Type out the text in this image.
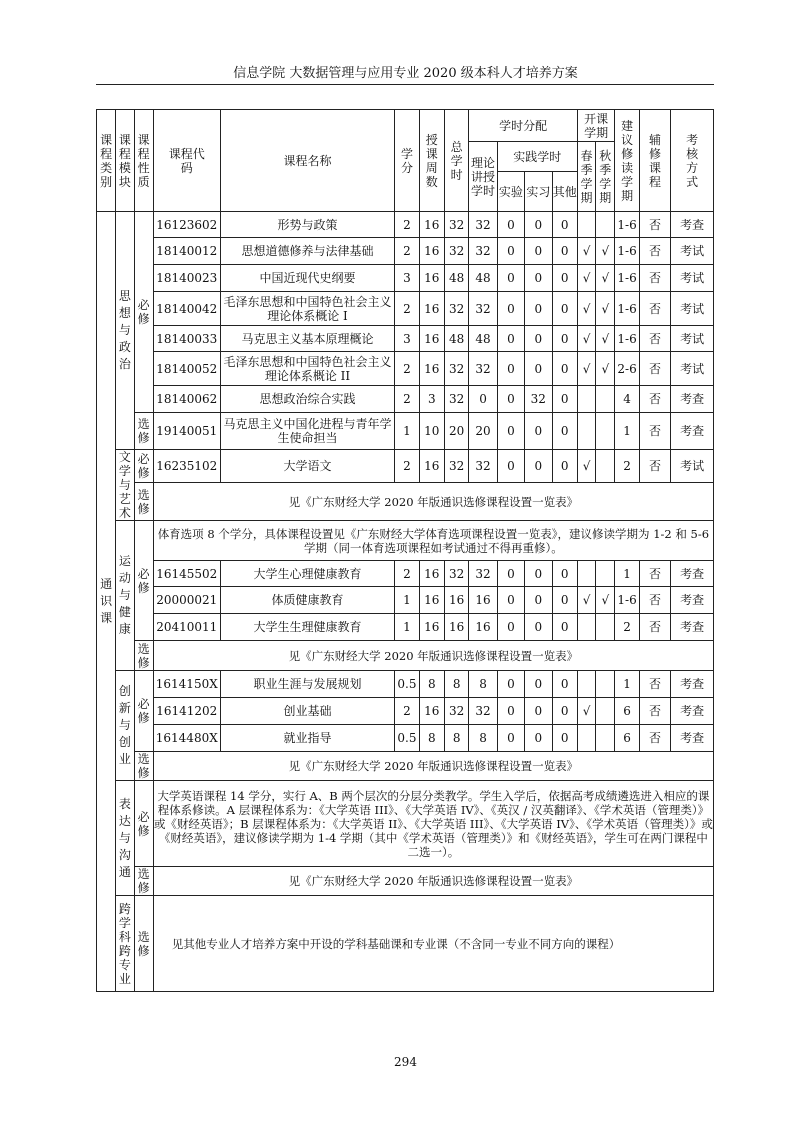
信息学院 大数据管理与应用专业 2020 级本科人才培养方案
课程类别	课程模块	课程性质	课程代码	课程名称	学分	授课周数	总学时	学时分配				开课学期		建议修读学期	辅修课程	考核方式

								理论讲授学时	实践学时			春季学期	秋季学期			

									实验	实习	其他					

通识课	思想与政治	必修	16123602	形势与政策	2	16	32	32	0	0	0			1-6	否	考查
			18140012	思想道德修养与法律基础	2	16	32	32	0	0	0	√	√	1-6	否	考试
			18140023	中国近现代史纲要	3	16	48	48	0	0	0	√	√	1-6	否	考试
			18140042	毛泽东思想和中国特色社会主义理论体系概论 I	2	16	32	32	0	0	0	√	√	1-6	否	考试
			18140033	马克思主义基本原理概论	3	16	48	48	0	0	0	√	√	1-6	否	考试
			18140052	毛泽东思想和中国特色社会主义理论体系概论 II	2	16	32	32	0	0	0	√	√	2-6	否	考试
			18140062	思想政治综合实践	2	3	32	0	0	32	0			4	否	考查

		选修	19140051	马克思主义中国化进程与青年学生使命担当	1	10	20	20	0	0	0			1	否	考查

	文学与艺术	必修	16235102	大学语文	2	16	32	32	0	0	0	√		2	否	考试

		选修	见《广东财经大学 2020 年版通识选修课程设置一览表》													

	运动与健康	必修	体育选项 8 个学分，具体课程设置见《广东财经大学体育选项课程设置一览表》，建议修读学期为 1-2 和 5-6 学期（同一体育选项课程如考试通过不得再重修）。													
			16145502	大学生心理健康教育	2	16	32	32	0	0	0			1	否	考查
			20000021	体质健康教育	1	16	16	16	0	0	0	√	√	1-6	否	考查
			20410011	大学生生理健康教育	1	16	16	16	0	0	0			2	否	考查

		选修	见《广东财经大学 2020 年版通识选修课程设置一览表》													

	创新与创业	必修	1614150X	职业生涯与发展规划	0.5	8	8	8	0	0	0			1	否	考查
			16141202	创业基础	2	16	32	32	0	0	0	√		6	否	考查
			1614480X	就业指导	0.5	8	8	8	0	0	0			6	否	考查

		选修	见《广东财经大学 2020 年版通识选修课程设置一览表》													

	表达与沟通	必修	大学英语课程 14 学分，实行 A、B 两个层次的分层分类教学。学生入学后，依据高考成绩遴选进入相应的课程体系修读。A 层课程体系为：《大学英语 III》、《大学英语 IV》、《英汉 / 汉英翻译》、《学术英语（管理类）》或《财经英语》；B 层课程体系为：《大学英语 II》、《大学英语 III》、《大学英语 IV》、《学术英语（管理类）》或《财经英语》，建议修读学期为 1-4 学期（其中《学术英语（管理类）》和《财经英语》，学生可在两门课程中二选一）。													

		选修	见《广东财经大学 2020 年版通识选修课程设置一览表》													

	跨学科跨专业	选修	见其他专业人才培养方案中开设的学科基础课和专业课（不含同一专业不同方向的课程）													
294
